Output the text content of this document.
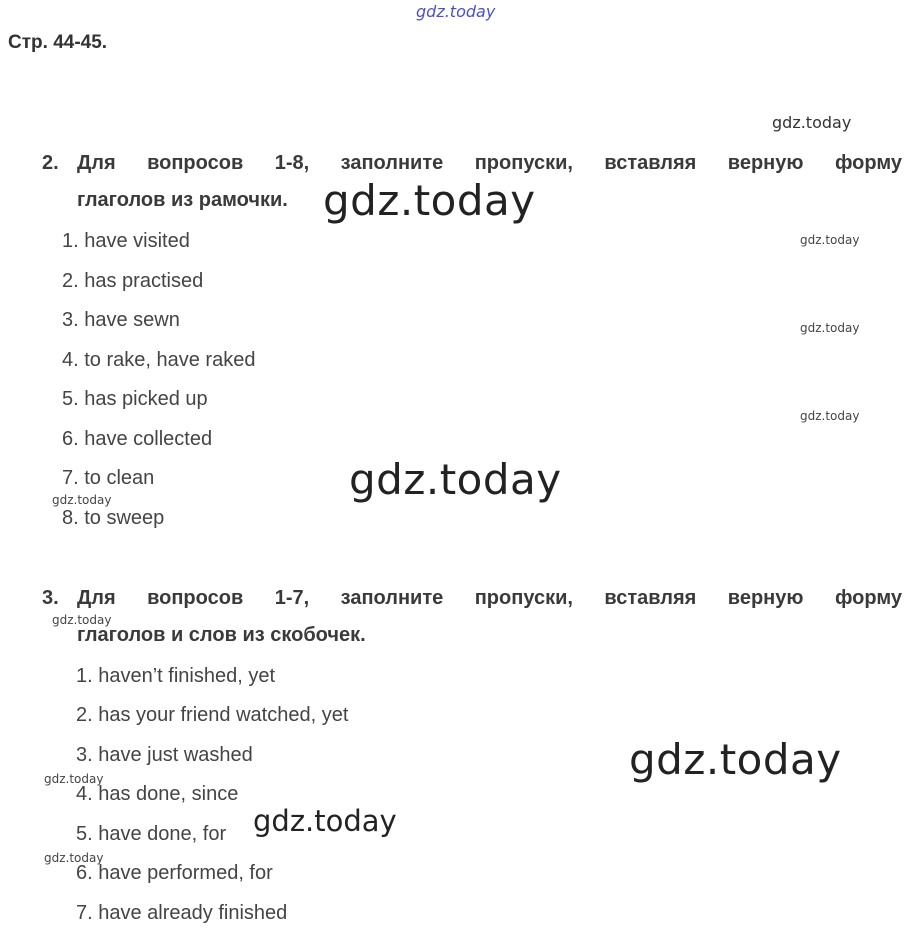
gdz.today
gdz.today
Стр. 44-45.
2. Для вопросов 1-8, заполните пропуски, вставляя верную форму
глаголов из рамочки. gdz.today
1. have visited
2. has practised
3. have sewn
4. to rake, have raked
5. has picked up
6. have collected
7. to clean
8. to sweep
gdz.today
gdz.today
gdz.today
gdz.today
gdz.today
3. Для вопросов 1-7, заполните пропуски, вставляя верную форму
глаголов и слов из скобочек.
gdz.today
1. haven’t finished, yet
2. has your friend watched, yet
3. have just washed
4. has done, since
5. have done, for
6. have performed, for
7. have already finished
gdz.today
gdz.today
gdz.today
gdz.today
